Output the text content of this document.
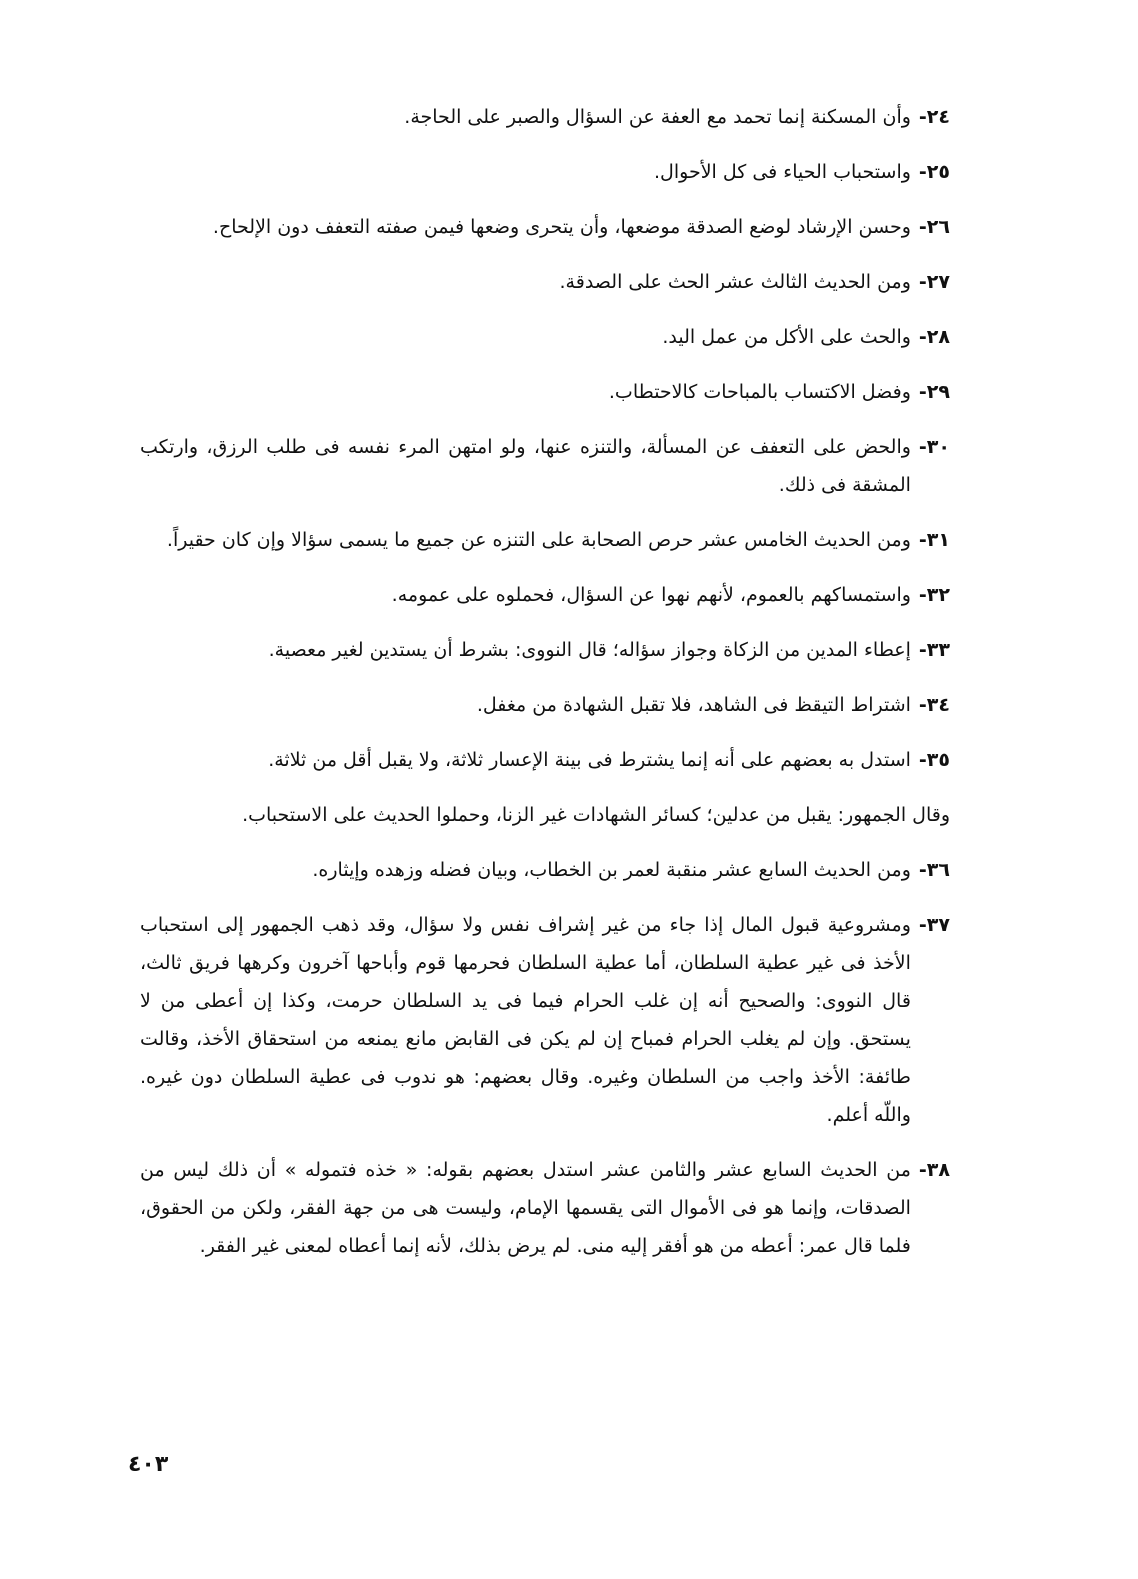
٢٤-
وأن المسكنة إنما تحمد مع العفة عن السؤال والصبر على الحاجة.
٢٥-
واستحباب الحياء فى كل الأحوال.
٢٦-
وحسن الإرشاد لوضع الصدقة موضعها، وأن يتحرى وضعها فيمن صفته التعفف دون الإلحاح.
٢٧-
ومن الحديث الثالث عشر الحث على الصدقة.
٢٨-
والحث على الأكل من عمل اليد.
٢٩-
وفضل الاكتساب بالمباحات كالاحتطاب.
٣٠-
والحض على التعفف عن المسألة، والتنزه عنها، ولو امتهن المرء نفسه فى طلب الرزق، وارتكب المشقة فى ذلك.
٣١-
ومن الحديث الخامس عشر حرص الصحابة على التنزه عن جميع ما يسمى سؤالا وإن كان حقيراً.
٣٢-
واستمساكهم بالعموم، لأنهم نهوا عن السؤال، فحملوه على عمومه.
٣٣-
إعطاء المدين من الزكاة وجواز سؤاله؛ قال النووى: بشرط أن يستدين لغير معصية.
٣٤-
اشتراط التيقظ فى الشاهد، فلا تقبل الشهادة من مغفل.
٣٥-
استدل به بعضهم على أنه إنما يشترط فى بينة الإعسار ثلاثة، ولا يقبل أقل من ثلاثة.
وقال الجمهور: يقبل من عدلين؛ كسائر الشهادات غير الزنا، وحملوا الحديث على الاستحباب.
٣٦-
ومن الحديث السابع عشر منقبة لعمر بن الخطاب، وبيان فضله وزهده وإيثاره.
٣٧-
ومشروعية قبول المال إذا جاء من غير إشراف نفس ولا سؤال، وقد ذهب الجمهور إلى استحباب الأخذ فى غير عطية السلطان، أما عطية السلطان فحرمها قوم وأباحها آخرون وكرهها فريق ثالث، قال النووى: والصحيح أنه إن غلب الحرام فيما فى يد السلطان حرمت، وكذا إن أعطى من لا يستحق. وإن لم يغلب الحرام فمباح إن لم يكن فى القابض مانع يمنعه من استحقاق الأخذ، وقالت طائفة: الأخذ واجب من السلطان وغيره. وقال بعضهم: هو ندوب فى عطية السلطان دون غيره. واللّه أعلم.
٣٨-
من الحديث السابع عشر والثامن عشر استدل بعضهم بقوله: « خذه فتموله » أن ذلك ليس من الصدقات، وإنما هو فى الأموال التى يقسمها الإمام، وليست هى من جهة الفقر، ولكن من الحقوق، فلما قال عمر: أعطه من هو أفقر إليه منى. لم يرض بذلك، لأنه إنما أعطاه لمعنى غير الفقر.
٤٠٣
